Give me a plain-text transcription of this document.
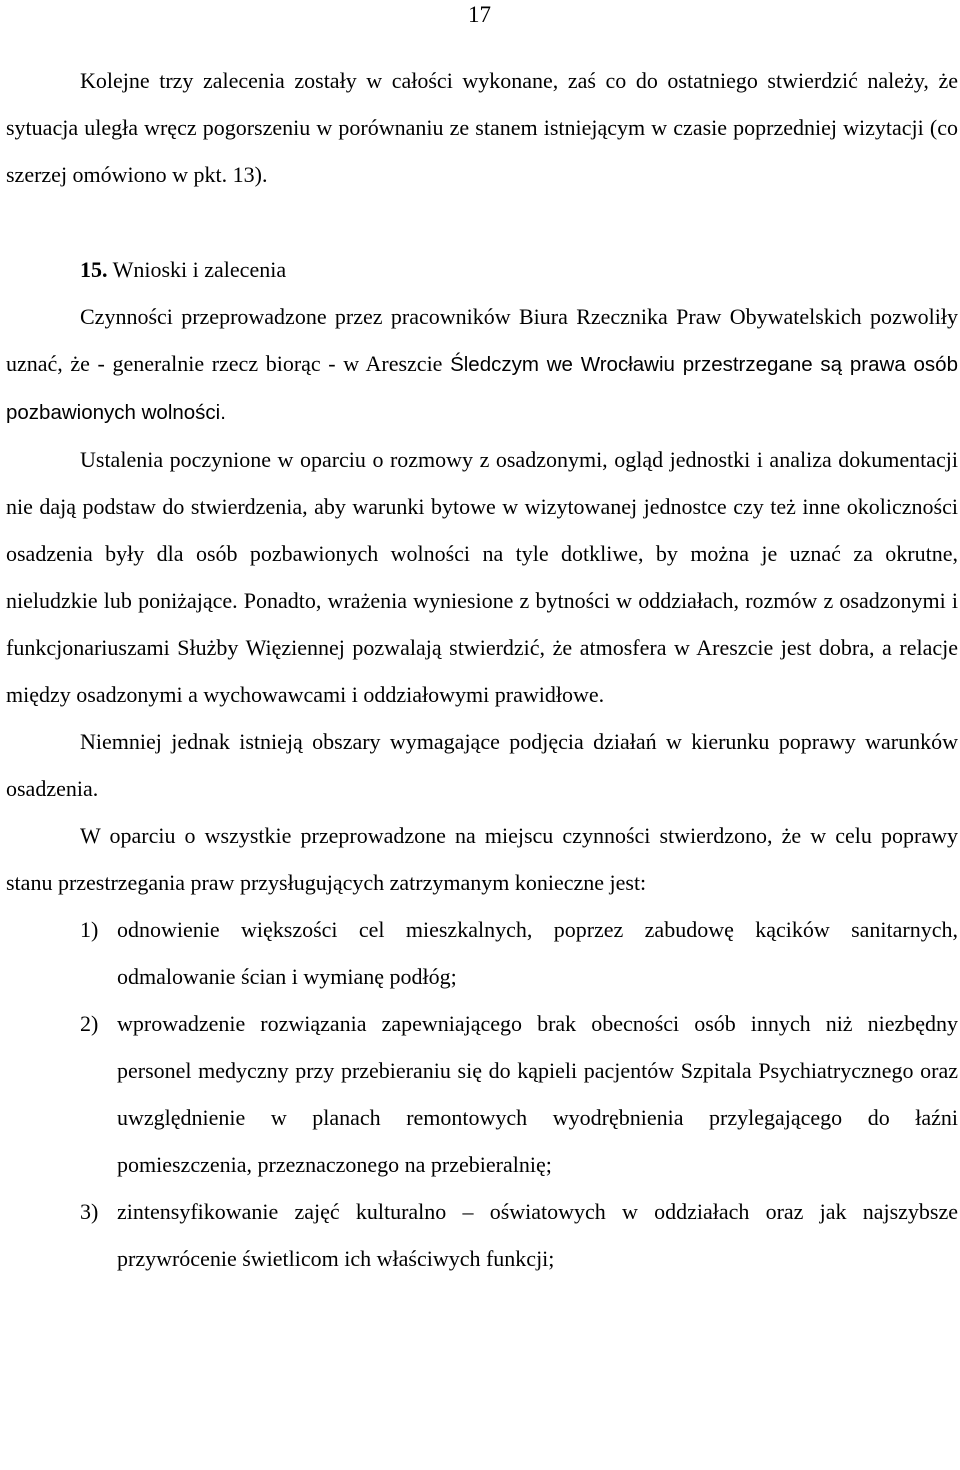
17

Kolejne trzy zalecenia zostały w całości wykonane, zaś co do ostatniego stwierdzić należy, że sytuacja uległa wręcz pogorszeniu w porównaniu ze stanem istniejącym w czasie poprzedniej wizytacji (co szerzej omówiono w pkt. 13).

15. Wnioski i zalecenia

Czynności przeprowadzone przez pracowników Biura Rzecznika Praw Obywatelskich pozwoliły uznać, że - generalnie rzecz biorąc - w Areszcie Śledczym we Wrocławiu przestrzegane są prawa osób pozbawionych wolności.

Ustalenia poczynione w oparciu o rozmowy z osadzonymi, ogląd jednostki i analiza dokumentacji nie dają podstaw do stwierdzenia, aby warunki bytowe w wizytowanej jednostce czy też inne okoliczności osadzenia były dla osób pozbawionych wolności na tyle dotkliwe, by można je uznać za okrutne, nieludzkie lub poniżające. Ponadto, wrażenia wyniesione z bytności w oddziałach, rozmów z osadzonymi i funkcjonariuszami Służby Więziennej pozwalają stwierdzić, że atmosfera w Areszcie jest dobra, a relacje między osadzonymi a wychowawcami i oddziałowymi prawidłowe.

Niemniej jednak istnieją obszary wymagające podjęcia działań w kierunku poprawy warunków osadzenia.

W oparciu o wszystkie przeprowadzone na miejscu czynności stwierdzono, że w celu poprawy stanu przestrzegania praw przysługujących zatrzymanym konieczne jest:

1) odnowienie większości cel mieszkalnych, poprzez zabudowę kącików sanitarnych, odmalowanie ścian i wymianę podłóg;
2) wprowadzenie rozwiązania zapewniającego brak obecności osób innych niż niezbędny personel medyczny przy przebieraniu się do kąpieli pacjentów Szpitala Psychiatrycznego oraz uwzględnienie w planach remontowych wyodrębnienia przylegającego do łaźni pomieszczenia, przeznaczonego na przebieralnię;
3) zintensyfikowanie zajęć kulturalno – oświatowych w oddziałach oraz jak najszybsze przywrócenie świetlicom ich właściwych funkcji;
